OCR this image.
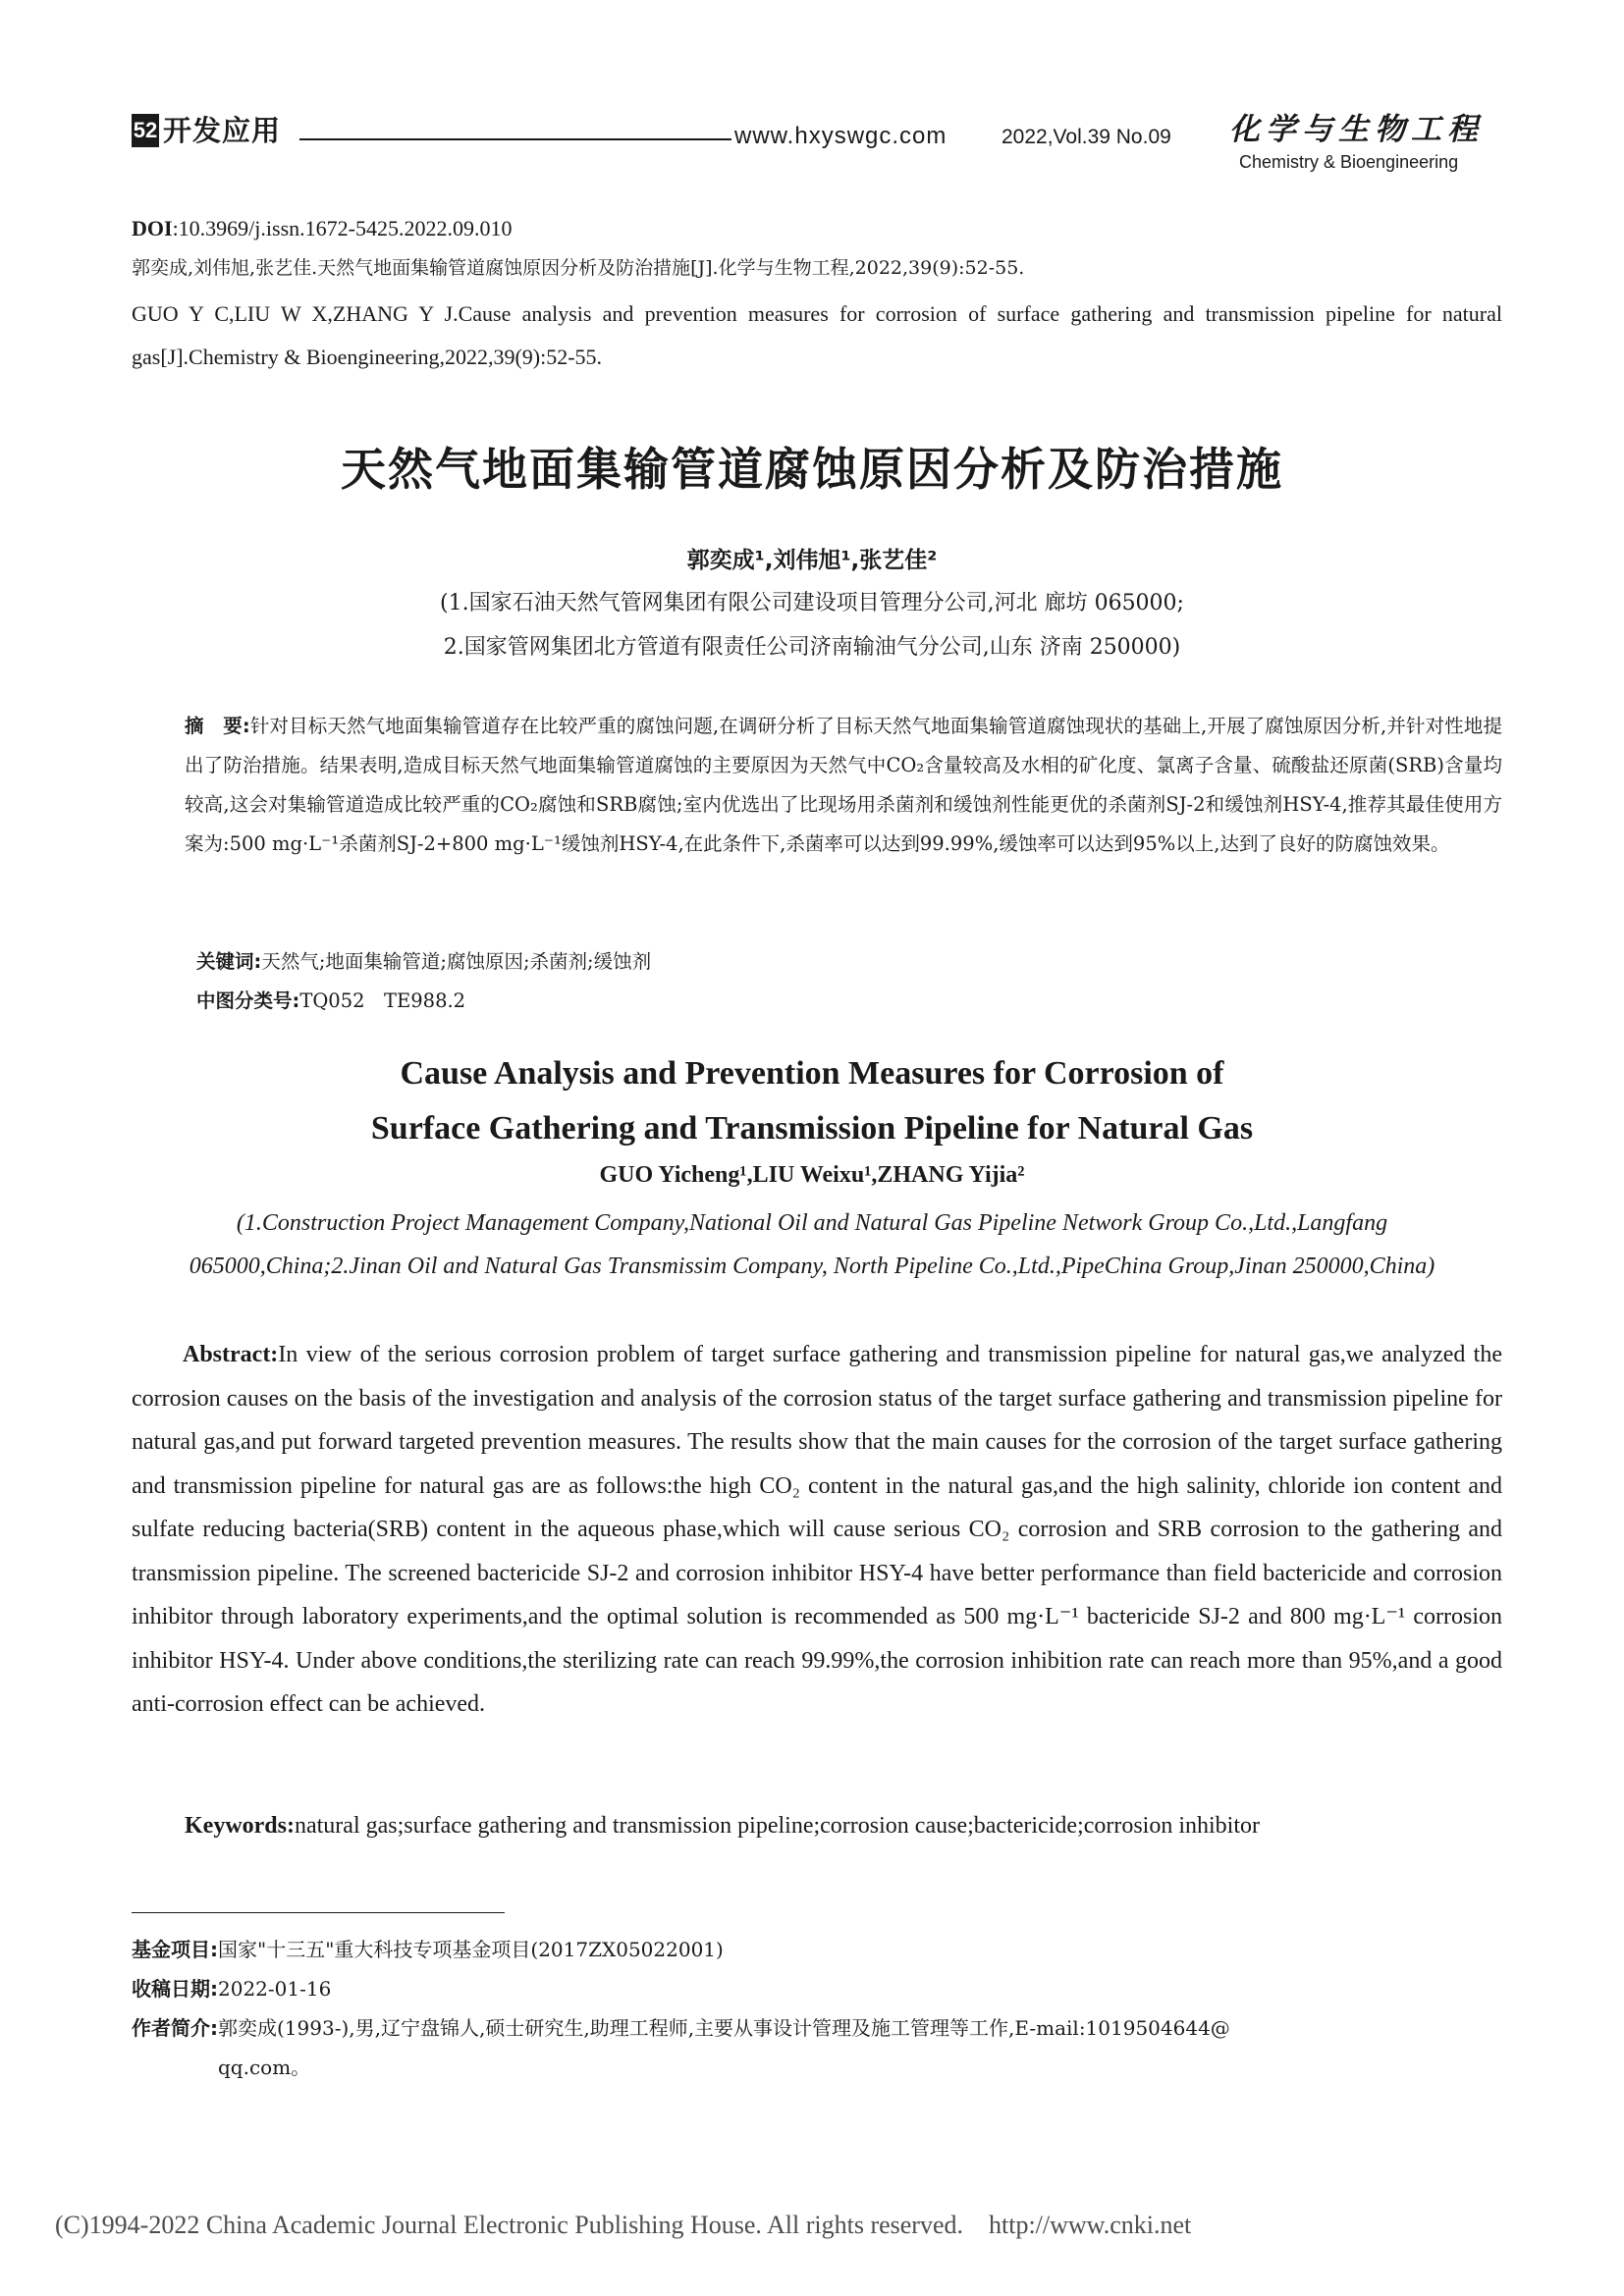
52 开发应用	www.hxyswgc.com	2022,Vol.39 No.09 化学与生物工程
Chemistry & Bioengineering
DOI:10.3969/j.issn.1672-5425.2022.09.010
郭奕成,刘伟旭,张艺佳.天然气地面集输管道腐蚀原因分析及防治措施[J].化学与生物工程,2022,39(9):52-55.
GUO Y C,LIU W X,ZHANG Y J.Cause analysis and prevention measures for corrosion of surface gathering and transmission pipeline for natural gas[J].Chemistry & Bioengineering,2022,39(9):52-55.
天然气地面集输管道腐蚀原因分析及防治措施
郭奕成¹,刘伟旭¹,张艺佳²
(1.国家石油天然气管网集团有限公司建设项目管理分公司,河北 廊坊 065000;
2.国家管网集团北方管道有限责任公司济南输油气分公司,山东 济南 250000)
摘　要:针对目标天然气地面集输管道存在比较严重的腐蚀问题,在调研分析了目标天然气地面集输管道腐蚀现状的基础上,开展了腐蚀原因分析,并针对性地提出了防治措施。结果表明,造成目标天然气地面集输管道腐蚀的主要原因为天然气中CO₂含量较高及水相的矿化度、氯离子含量、硫酸盐还原菌(SRB)含量均较高,这会对集输管道造成比较严重的CO₂腐蚀和SRB腐蚀;室内优选出了比现场用杀菌剂和缓蚀剂性能更优的杀菌剂SJ-2和缓蚀剂HSY-4,推荐其最佳使用方案为:500 mg·L⁻¹杀菌剂SJ-2+800 mg·L⁻¹缓蚀剂HSY-4,在此条件下,杀菌率可以达到99.99%,缓蚀率可以达到95%以上,达到了良好的防腐蚀效果。
关键词:天然气;地面集输管道;腐蚀原因;杀菌剂;缓蚀剂
中图分类号:TQ052　TE988.2
Cause Analysis and Prevention Measures for Corrosion of
Surface Gathering and Transmission Pipeline for Natural Gas
GUO Yicheng¹,LIU Weixu¹,ZHANG Yijia²
(1.Construction Project Management Company,National Oil and Natural Gas Pipeline Network Group Co.,Ltd.,Langfang 065000,China;2.Jinan Oil and Natural Gas Transmissim Company, North Pipeline Co.,Ltd.,PipeChina Group,Jinan 250000,China)
Abstract:In view of the serious corrosion problem of target surface gathering and transmission pipeline for natural gas,we analyzed the corrosion causes on the basis of the investigation and analysis of the corrosion status of the target surface gathering and transmission pipeline for natural gas,and put forward targeted prevention measures. The results show that the main causes for the corrosion of the target surface gathering and transmission pipeline for natural gas are as follows:the high CO₂ content in the natural gas,and the high salinity, chloride ion content and sulfate reducing bacteria(SRB) content in the aqueous phase,which will cause serious CO₂ corrosion and SRB corrosion to the gathering and transmission pipeline. The screened bactericide SJ-2 and corrosion inhibitor HSY-4 have better performance than field bactericide and corrosion inhibitor through laboratory experiments,and the optimal solution is recommended as 500 mg·L⁻¹ bactericide SJ-2 and 800 mg·L⁻¹ corrosion inhibitor HSY-4. Under above conditions,the sterilizing rate can reach 99.99%,the corrosion inhibition rate can reach more than 95%,and a good anti-corrosion effect can be achieved.
Keywords:natural gas;surface gathering and transmission pipeline;corrosion cause;bactericide;corrosion inhibitor
基金项目:国家"十三五"重大科技专项基金项目(2017ZX05022001)
收稿日期:2022-01-16
作者简介:郭奕成(1993-),男,辽宁盘锦人,硕士研究生,助理工程师,主要从事设计管理及施工管理等工作,E-mail:1019504644@
qq.com。
(C)1994-2022 China Academic Journal Electronic Publishing House. All rights reserved.　http://www.cnki.net
